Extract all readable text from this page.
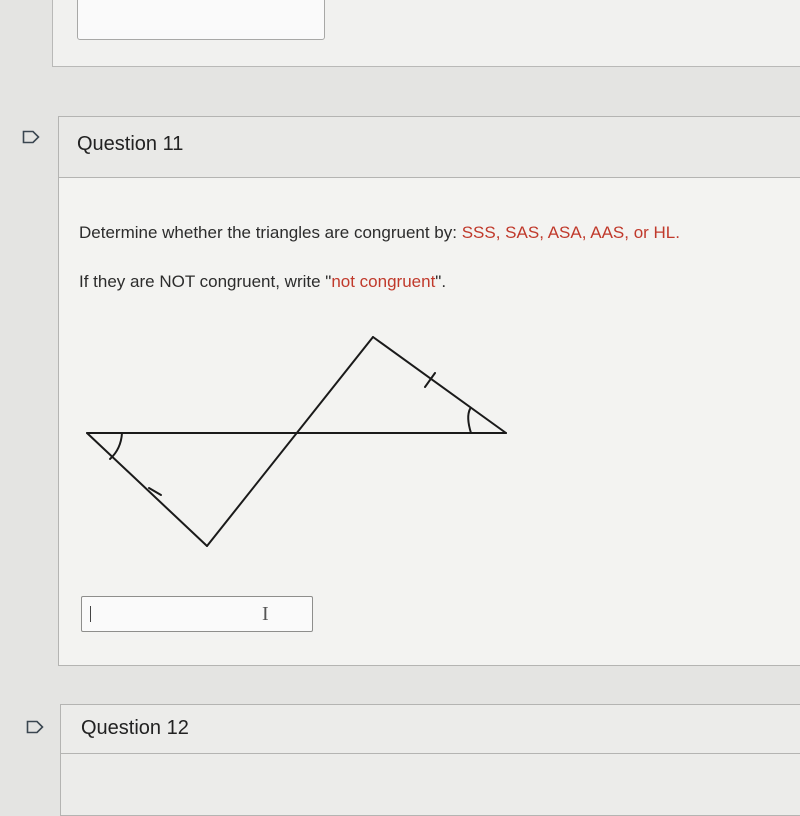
Question 11
Determine whether the triangles are congruent by: SSS, SAS, ASA, AAS, or HL.
If they are NOT congruent, write "not congruent".
I
Question 12
